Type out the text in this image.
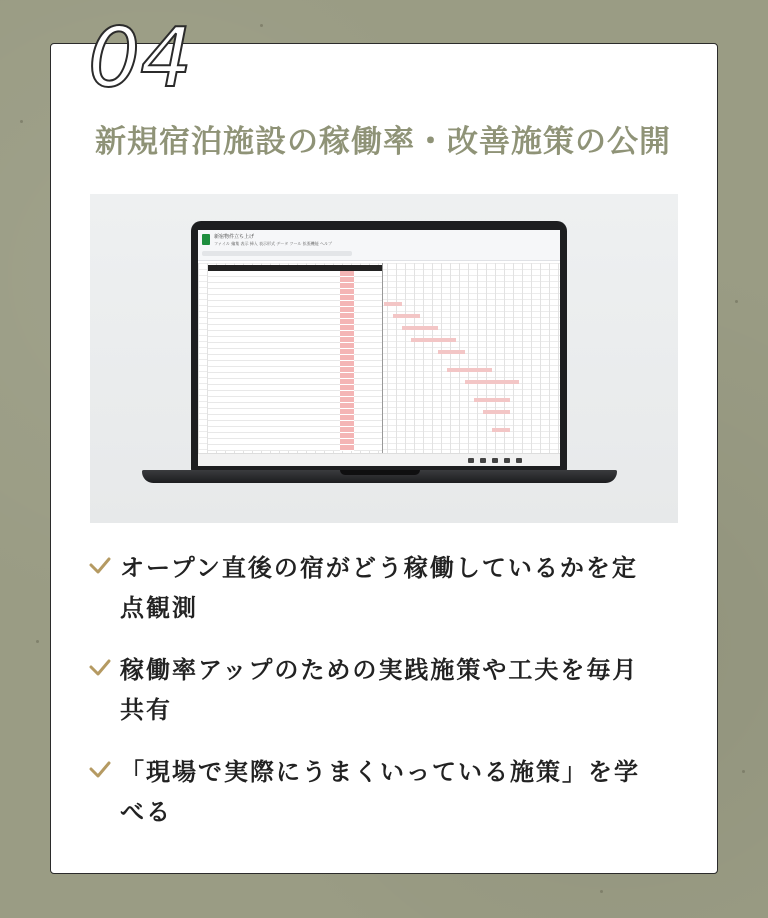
04
新規宿泊施設の稼働率・改善施策の公開
新宿物件立ち上げ
ファイル 編集 表示 挿入 表示形式 データ ツール 拡張機能 ヘルプ
オープン直後の宿がどう稼働しているかを定
点観測
稼働率アップのための実践施策や工夫を毎月
共有
「現場で実際にうまくいっている施策」を学
べる
